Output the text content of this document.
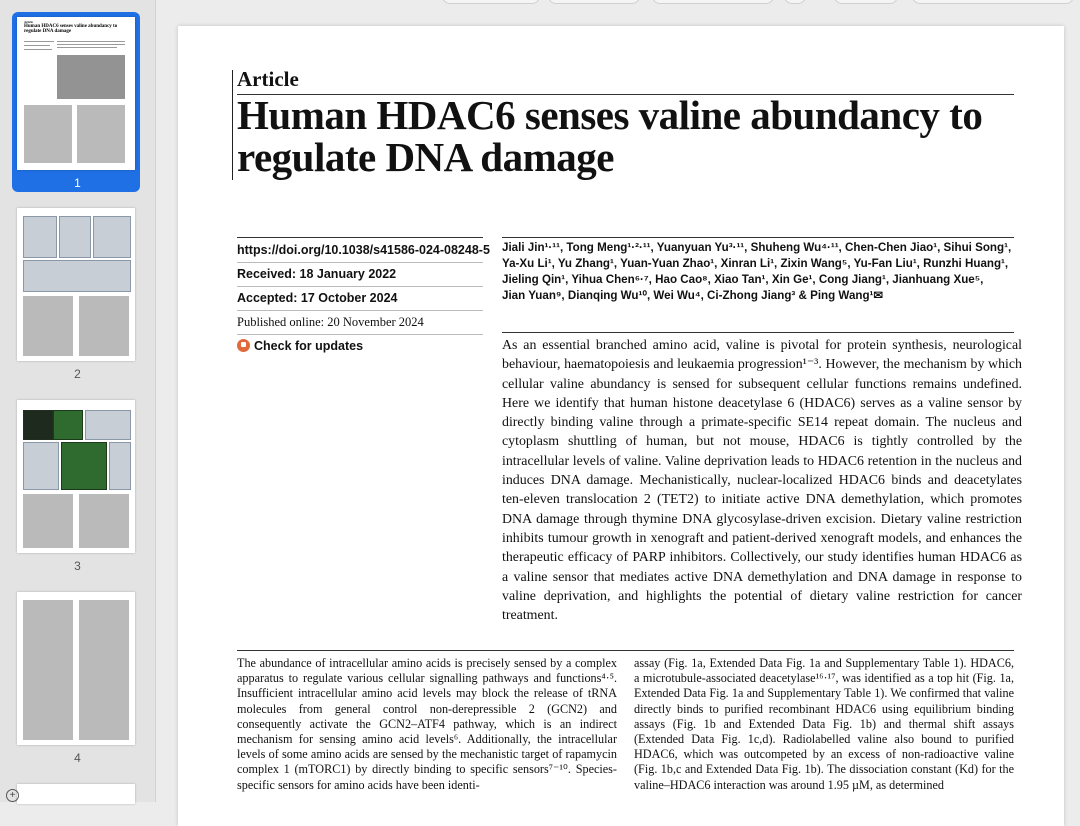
Article
Human HDAC6 senses valine abundancy to regulate DNA damage
1
2
3
4
+
Article
Human HDAC6 senses valine abundancy to regulate DNA damage
https://doi.org/10.1038/s41586-024-08248-5
Received: 18 January 2022
Accepted: 17 October 2024
Published online: 20 November 2024
Check for updates
Jiali Jin¹·¹¹, Tong Meng¹·²·¹¹, Yuanyuan Yu³·¹¹, Shuheng Wu⁴·¹¹, Chen-Chen Jiao¹, Sihui Song¹,
Ya-Xu Li¹, Yu Zhang¹, Yuan-Yuan Zhao¹, Xinran Li¹, Zixin Wang⁵, Yu-Fan Liu¹, Runzhi Huang¹,
Jieling Qin¹, Yihua Chen⁶·⁷, Hao Cao⁸, Xiao Tan¹, Xin Ge¹, Cong Jiang¹, Jianhuang Xue⁵,
Jian Yuan⁹, Dianqing Wu¹⁰, Wei Wu⁴, Ci-Zhong Jiang³ & Ping Wang¹✉
As an essential branched amino acid, valine is pivotal for protein synthesis, neurological behaviour, haematopoiesis and leukaemia progression¹⁻³. However, the mechanism by which cellular valine abundancy is sensed for subsequent cellular functions remains undefined. Here we identify that human histone deacetylase 6 (HDAC6) serves as a valine sensor by directly binding valine through a primate-specific SE14 repeat domain. The nucleus and cytoplasm shuttling of human, but not mouse, HDAC6 is tightly controlled by the intracellular levels of valine. Valine deprivation leads to HDAC6 retention in the nucleus and induces DNA damage. Mechanistically, nuclear-localized HDAC6 binds and deacetylates ten-eleven translocation 2 (TET2) to initiate active DNA demethylation, which promotes DNA damage through thymine DNA glycosylase-driven excision. Dietary valine restriction inhibits tumour growth in xenograft and patient-derived xenograft models, and enhances the therapeutic efficacy of PARP inhibitors. Collectively, our study identifies human HDAC6 as a valine sensor that mediates active DNA demethylation and DNA damage in response to valine deprivation, and highlights the potential of dietary valine restriction for cancer treatment.
The abundance of intracellular amino acids is precisely sensed by a complex apparatus to regulate various cellular signalling pathways and functions⁴·⁵. Insufficient intracellular amino acid levels may block the release of tRNA molecules from general control non-derepressible 2 (GCN2) and consequently activate the GCN2–ATF4 pathway, which is an indirect mechanism for sensing amino acid levels⁶. Additionally, the intracellular levels of some amino acids are sensed by the mechanistic target of rapamycin complex 1 (mTORC1) by directly binding to specific sensors⁷⁻¹⁰. Species-specific sensors for amino acids have been identi-
assay (Fig. 1a, Extended Data Fig. 1a and Supplementary Table 1). HDAC6, a microtubule-associated deacetylase¹⁶·¹⁷, was identified as a top hit (Fig. 1a, Extended Data Fig. 1a and Supplementary Table 1). We confirmed that valine directly binds to purified recombinant HDAC6 using equilibrium binding assays (Fig. 1b and Extended Data Fig. 1b) and thermal shift assays (Extended Data Fig. 1c,d). Radiolabelled valine also bound to purified HDAC6, which was outcompeted by an excess of non-radioactive valine (Fig. 1b,c and Extended Data Fig. 1b). The dissociation constant (Kd) for the valine–HDAC6 interaction was around 1.95 µM, as determined
